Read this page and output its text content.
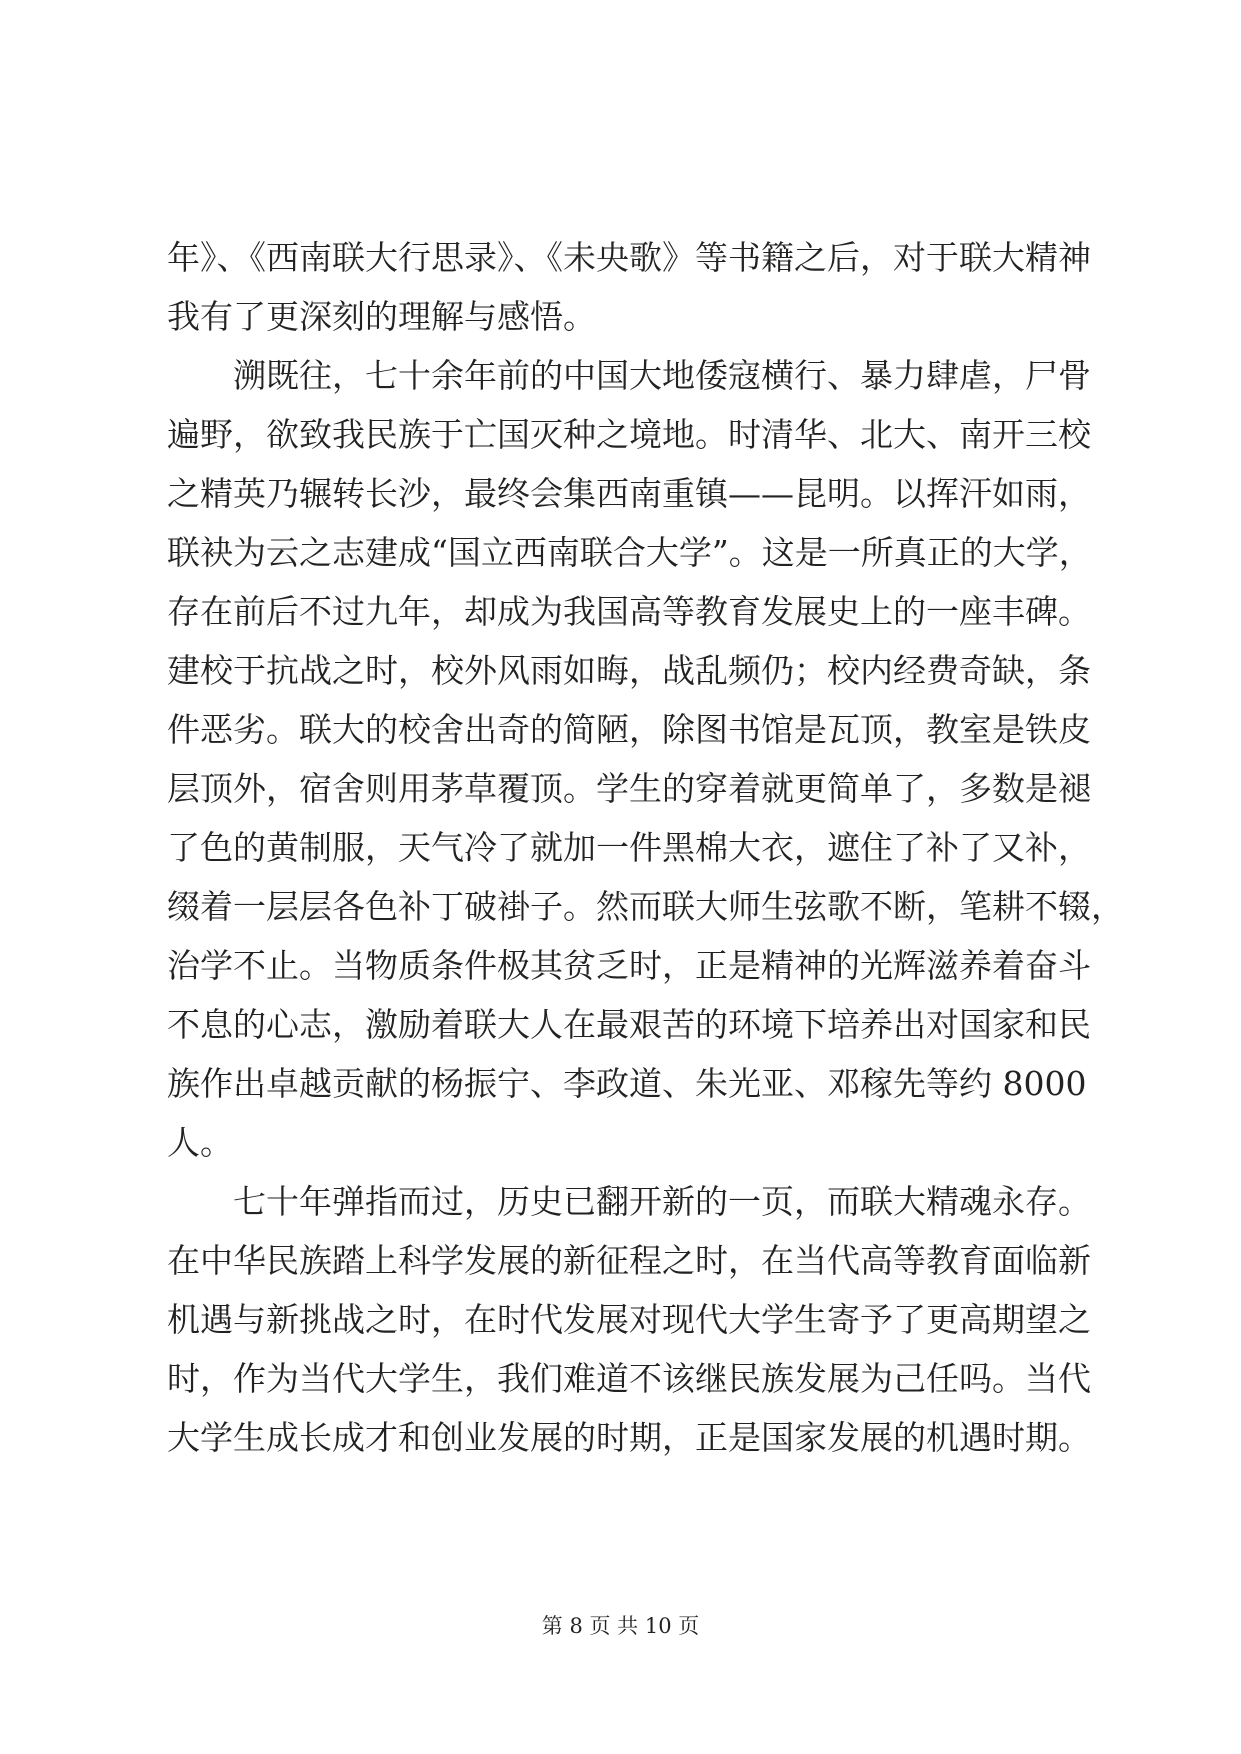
年》、《西南联大行思录》、《未央歌》等书籍之后，对于联大精神
我有了更深刻的理解与感悟。
溯既往，七十余年前的中国大地倭寇横行、暴力肆虐，尸骨
遍野，欲致我民族于亡国灭种之境地。时清华、北大、南开三校
之精英乃辗转长沙，最终会集西南重镇——昆明。以挥汗如雨，
联袂为云之志建成“国立西南联合大学”。这是一所真正的大学，
存在前后不过九年，却成为我国高等教育发展史上的一座丰碑。
建校于抗战之时，校外风雨如晦，战乱频仍；校内经费奇缺，条
件恶劣。联大的校舍出奇的简陋，除图书馆是瓦顶，教室是铁皮
层顶外，宿舍则用茅草覆顶。学生的穿着就更简单了，多数是褪
了色的黄制服，天气冷了就加一件黑棉大衣，遮住了补了又补，
缀着一层层各色补丁破褂子。然而联大师生弦歌不断，笔耕不辍，
治学不止。当物质条件极其贫乏时，正是精神的光辉滋养着奋斗
不息的心志，激励着联大人在最艰苦的环境下培养出对国家和民
族作出卓越贡献的杨振宁、李政道、朱光亚、邓稼先等约 8000
人。
七十年弹指而过，历史已翻开新的一页，而联大精魂永存。
在中华民族踏上科学发展的新征程之时，在当代高等教育面临新
机遇与新挑战之时，在时代发展对现代大学生寄予了更高期望之
时，作为当代大学生，我们难道不该继民族发展为己任吗。当代
大学生成长成才和创业发展的时期，正是国家发展的机遇时期。
第 8 页 共 10 页
